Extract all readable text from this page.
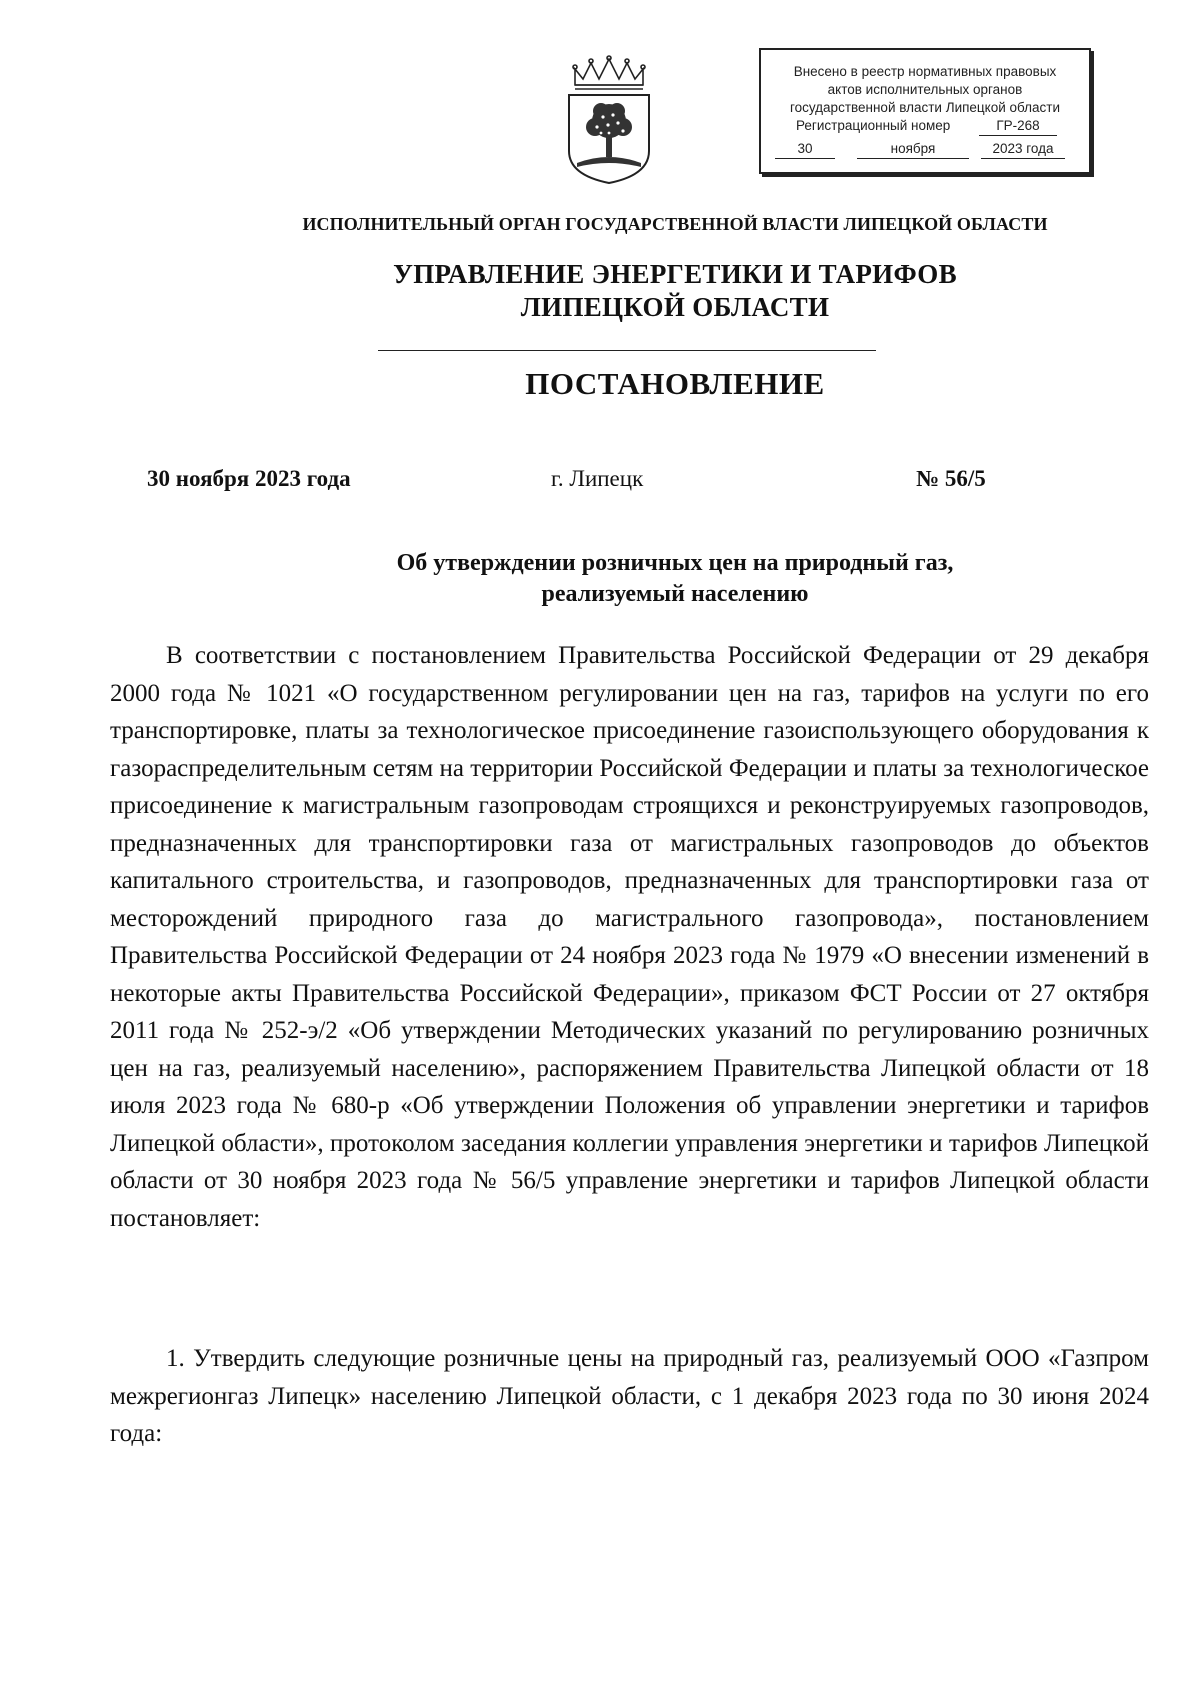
Внесено в реестр нормативных правовых
актов исполнительных органов
государственной власти Липецкой области
Регистрационный номер	ГР-268
30	ноября	2023 года
ИСПОЛНИТЕЛЬНЫЙ ОРГАН ГОСУДАРСТВЕННОЙ ВЛАСТИ ЛИПЕЦКОЙ ОБЛАСТИ
УПРАВЛЕНИЕ ЭНЕРГЕТИКИ И ТАРИФОВ
ЛИПЕЦКОЙ ОБЛАСТИ
ПОСТАНОВЛЕНИЕ
30 ноября 2023 года	г. Липецк	№ 56/5
Об утверждении розничных цен на природный газ,
реализуемый населению

В соответствии с постановлением Правительства Российской Федерации от 29 декабря 2000 года № 1021 «О государственном регулировании цен на газ, тарифов на услуги по его транспортировке, платы за технологическое присоединение газоиспользующего оборудования к газораспределительным сетям на территории Российской Федерации и платы за технологическое присоединение к магистральным газопроводам строящихся и реконструируемых газопроводов, предназначенных для транспортировки газа от магистральных газопроводов до объектов капитального строительства, и газопроводов, предназначенных для транспортировки газа от месторождений природного газа до магистрального газопровода», постановлением Правительства Российской Федерации от 24 ноября 2023 года № 1979 «О внесении изменений в некоторые акты Правительства Российской Федерации», приказом ФСТ России от 27 октября 2011 года № 252-э/2 «Об утверждении Методических указаний по регулированию розничных цен на газ, реализуемый населению», распоряжением Правительства Липецкой области от 18 июля 2023 года № 680-р «Об утверждении Положения об управлении энергетики и тарифов Липецкой области», протоколом заседания коллегии управления энергетики и тарифов Липецкой области от 30 ноября 2023 года № 56/5 управление энергетики и тарифов Липецкой области постановляет:

1. Утвердить следующие розничные цены на природный газ, реализуемый ООО «Газпром межрегионгаз Липецк» населению Липецкой области, с 1 декабря 2023 года по 30 июня 2024 года:
